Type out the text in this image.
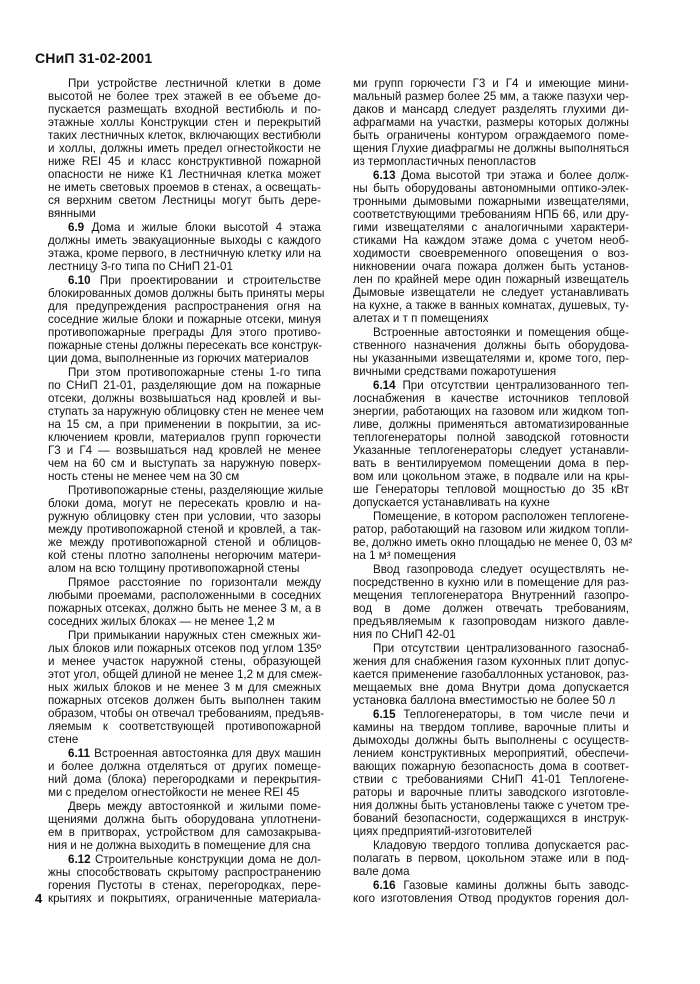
СНиП 31-02-2001
При устройстве лестничной клетки в доме
высотой не более трех этажей в ее объеме до-
пускается размещать входной вестибюль и по-
этажные холлы Конструкции стен и перекрытий
таких лестничных клеток, включающих вестибюли
и холлы, должны иметь предел огнестойкости не
ниже REI 45 и класс конструктивной пожарной
опасности не ниже К1 Лестничная клетка может
не иметь световых проемов в стенах, а освещать-
ся верхним светом Лестницы могут быть дере-
вянными
6.9 Дома и жилые блоки высотой 4 этажа
должны иметь эвакуационные выходы с каждого
этажа, кроме первого, в лестничную клетку или на
лестницу 3-го типа по СНиП 21-01
6.10 При проектировании и строительстве
блокированных домов должны быть приняты меры
для предупреждения распространения огня на
соседние жилые блоки и пожарные отсеки, минуя
противопожарные преграды Для этого противо-
пожарные стены должны пересекать все конструк-
ции дома, выполненные из горючих материалов
При этом противопожарные стены 1-го типа
по СНиП 21-01, разделяющие дом на пожарные
отсеки, должны возвышаться над кровлей и вы-
ступать за наружную облицовку стен не менее чем
на 15 см, а при применении в покрытии, за ис-
ключением кровли, материалов групп горючести
Г3 и Г4 — возвышаться над кровлей не менее
чем на 60 см и выступать за наружную поверх-
ность стены не менее чем на 30 см
Противопожарные стены, разделяющие жилые
блоки дома, могут не пересекать кровлю и на-
ружную облицовку стен при условии, что зазоры
между противопожарной стеной и кровлей, а так-
же между противопожарной стеной и облицов-
кой стены плотно заполнены негорючим матери-
алом на всю толщину противопожарной стены
Прямое расстояние по горизонтали между
любыми проемами, расположенными в соседних
пожарных отсеках, должно быть не менее 3 м, а в
соседних жилых блоках — не менее 1,2 м
При примыкании наружных стен смежных жи-
лых блоков или пожарных отсеков под углом 135º
и менее участок наружной стены, образующей
этот угол, общей длиной не менее 1,2 м для смеж-
ных жилых блоков и не менее 3 м для смежных
пожарных отсеков должен быть выполнен таким
образом, чтобы он отвечал требованиям, предъяв-
ляемым к соответствующей противопожарной
стене
6.11 Встроенная автостоянка для двух машин
и более должна отделяться от других помеще-
ний дома (блока) перегородками и перекрытия-
ми с пределом огнестойкости не менее REI 45
Дверь между автостоянкой и жилыми поме-
щениями должна быть оборудована уплотнени-
ем в притворах, устройством для самозакрыва-
ния и не должна выходить в помещение для сна
6.12 Строительные конструкции дома не дол-
жны способствовать скрытому распространению
горения Пустоты в стенах, перегородках, пере-
крытиях и покрытиях, ограниченные материала-
ми групп горючести Г3 и Г4 и имеющие мини-
мальный размер более 25 мм, а также пазухи чер-
даков и мансард следует разделять глухими ди-
афрагмами на участки, размеры которых должны
быть ограничены контуром ограждаемого поме-
щения Глухие диафрагмы не должны выполняться
из термопластичных пенопластов
6.13 Дома высотой три этажа и более долж-
ны быть оборудованы автономными оптико-элек-
тронными дымовыми пожарными извещателями,
соответствующими требованиям НПБ 66, или дру-
гими извещателями с аналогичными характери-
стиками На каждом этаже дома с учетом необ-
ходимости своевременного оповещения о воз-
никновении очага пожара должен быть установ-
лен по крайней мере один пожарный извещатель
Дымовые извещатели не следует устанавливать
на кухне, а также в ванных комнатах, душевых, ту-
алетах и т п помещениях
Встроенные автостоянки и помещения обще-
ственного назначения должны быть оборудова-
ны указанными извещателями и, кроме того, пер-
вичными средствами пожаротушения
6.14 При отсутствии централизованного теп-
лоснабжения в качестве источников тепловой
энергии, работающих на газовом или жидком топ-
ливе, должны применяться автоматизированные
теплогенераторы полной заводской готовности
Указанные теплогенераторы следует устанавли-
вать в вентилируемом помещении дома в пер-
вом или цокольном этаже, в подвале или на кры-
ше Генераторы тепловой мощностью до 35 кВт
допускается устанавливать на кухне
Помещение, в котором расположен теплогене-
ратор, работающий на газовом или жидком топли-
ве, должно иметь окно площадью не менее 0, 03 м²
на 1 м³ помещения
Ввод газопровода следует осуществлять не-
посредственно в кухню или в помещение для раз-
мещения теплогенератора Внутренний газопро-
вод в доме должен отвечать требованиям,
предъявляемым к газопроводам низкого давле-
ния по СНиП 42-01
При отсутствии централизованного газоснаб-
жения для снабжения газом кухонных плит допус-
кается применение газобаллонных установок, раз-
мещаемых вне дома Внутри дома допускается
установка баллона вместимостью не более 50 л
6.15 Теплогенераторы, в том числе печи и
камины на твердом топливе, варочные плиты и
дымоходы должны быть выполнены с осуществ-
лением конструктивных мероприятий, обеспечи-
вающих пожарную безопасность дома в соответ-
ствии с требованиями СНиП 41-01 Теплогене-
раторы и варочные плиты заводского изготовле-
ния должны быть установлены также с учетом тре-
бований безопасности, содержащихся в инструк-
циях предприятий-изготовителей
Кладовую твердого топлива допускается рас-
полагать в первом, цокольном этаже или в под-
вале дома
6.16 Газовые камины должны быть заводс-
кого изготовления Отвод продуктов горения дол-
4
